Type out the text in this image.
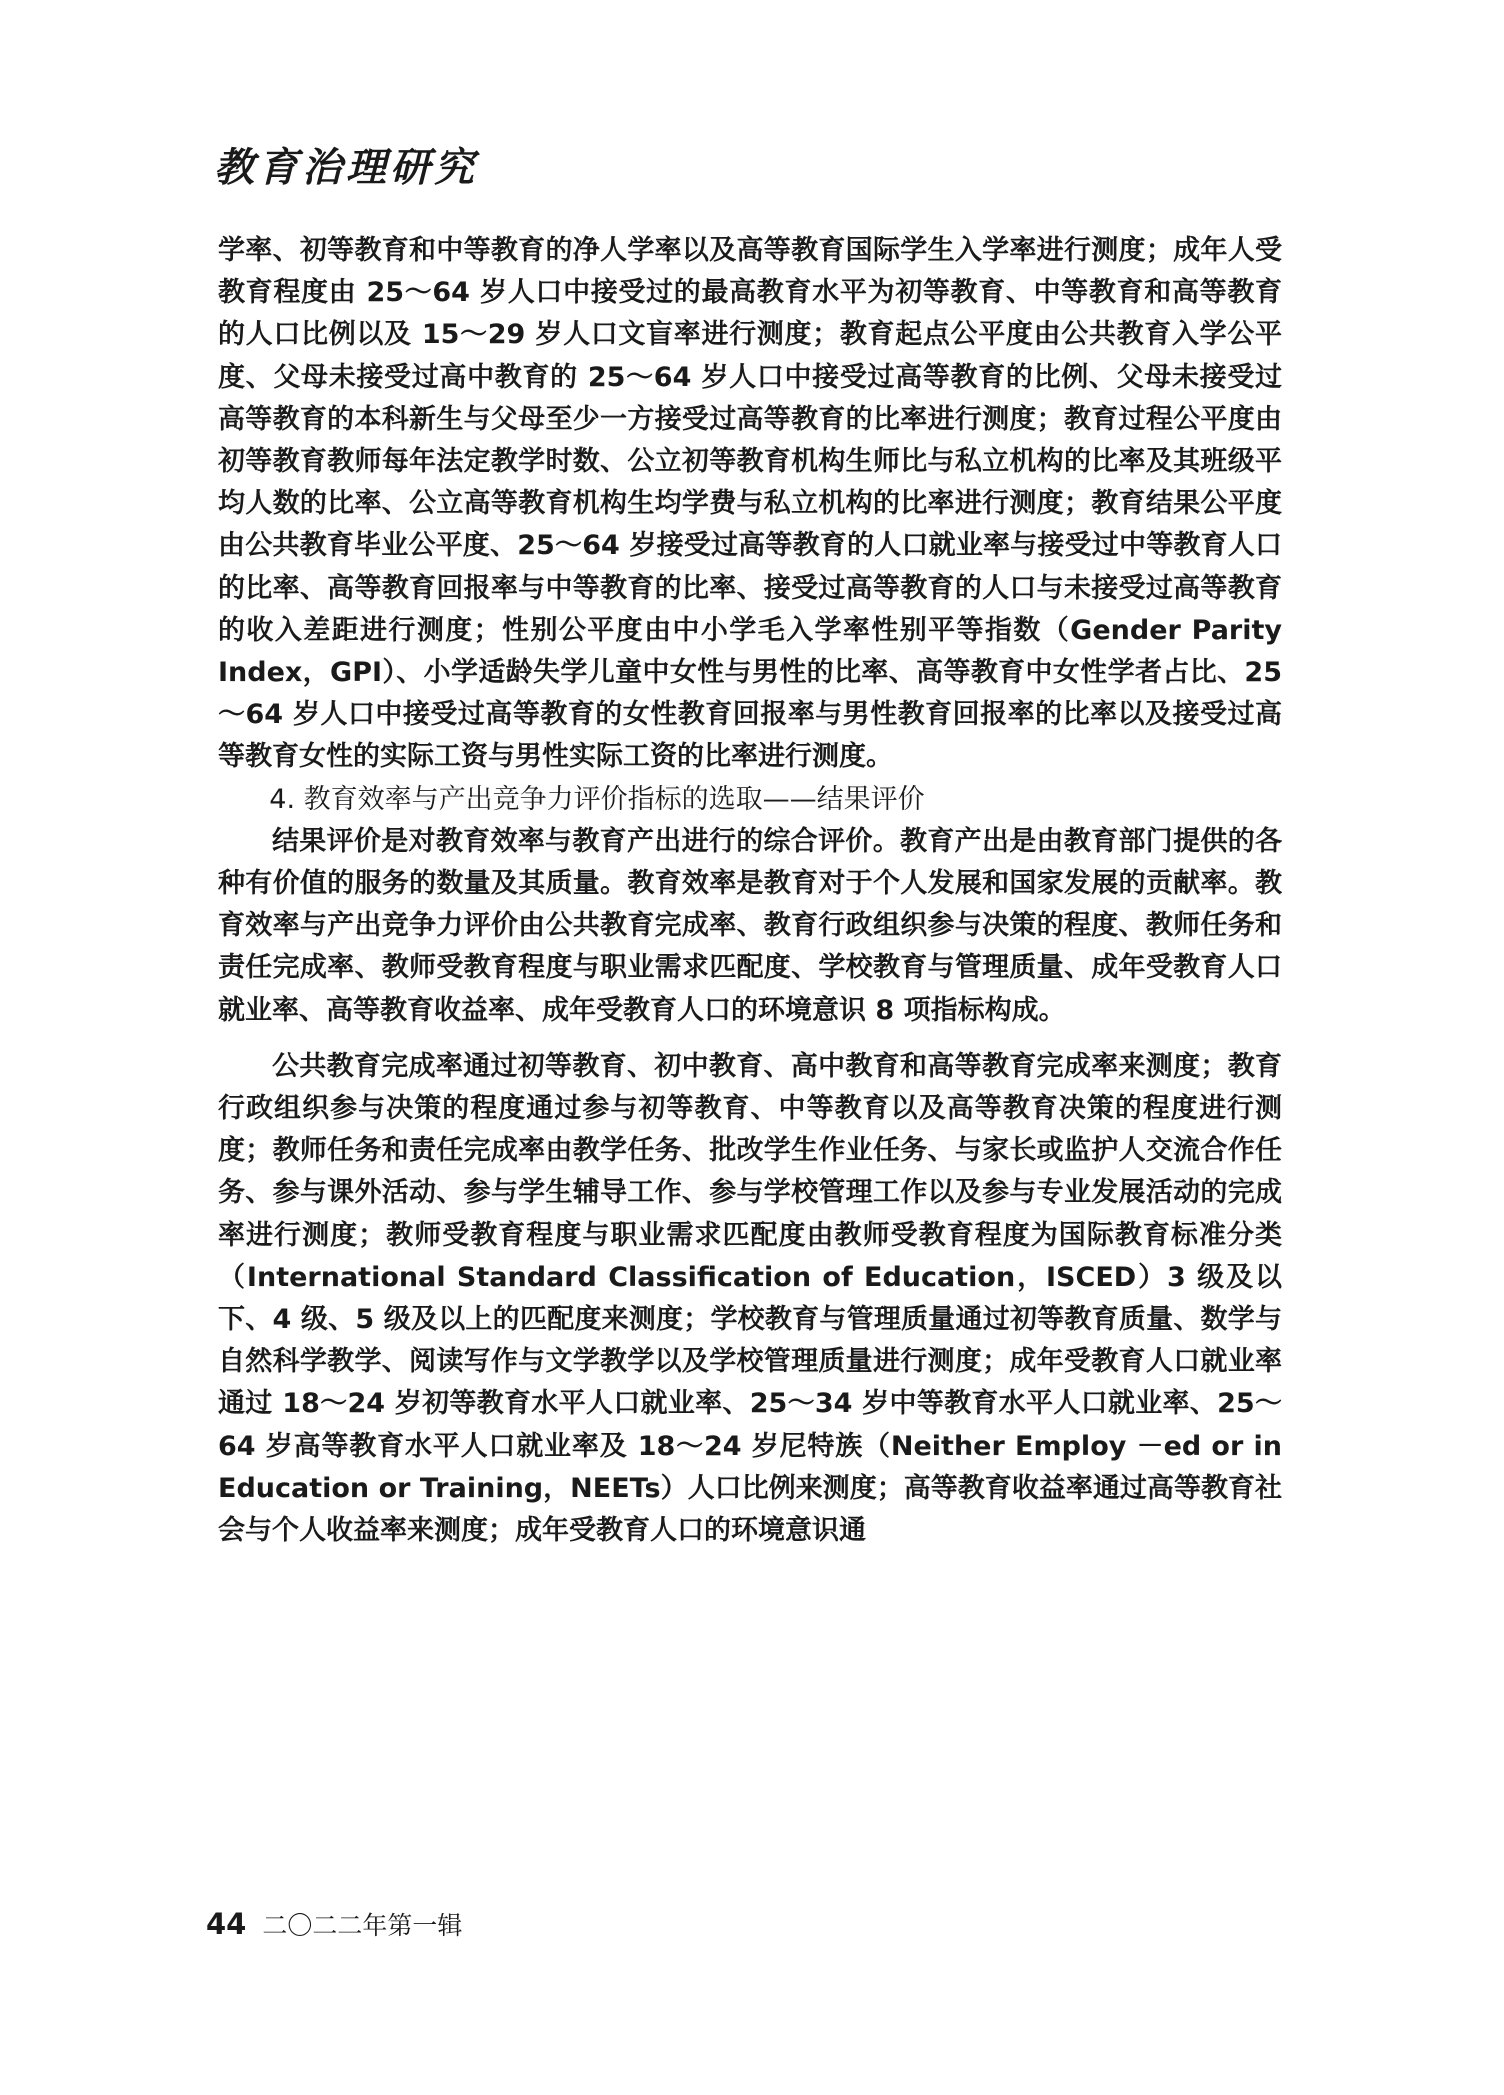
教育治理研究

学率、初等教育和中等教育的净人学率以及高等教育国际学生入学率进行测度；成年人受教育程度由 25～64 岁人口中接受过的最高教育水平为初等教育、中等教育和高等教育的人口比例以及 15～29 岁人口文盲率进行测度；教育起点公平度由公共教育入学公平度、父母未接受过高中教育的 25～64 岁人口中接受过高等教育的比例、父母未接受过高等教育的本科新生与父母至少一方接受过高等教育的比率进行测度；教育过程公平度由初等教育教师每年法定教学时数、公立初等教育机构生师比与私立机构的比率及其班级平均人数的比率、公立高等教育机构生均学费与私立机构的比率进行测度；教育结果公平度由公共教育毕业公平度、25～64 岁接受过高等教育的人口就业率与接受过中等教育人口的比率、高等教育回报率与中等教育的比率、接受过高等教育的人口与未接受过高等教育的收入差距进行测度；性别公平度由中小学毛入学率性别平等指数（Gender Parity Index，GPI）、小学适龄失学儿童中女性与男性的比率、高等教育中女性学者占比、25～64 岁人口中接受过高等教育的女性教育回报率与男性教育回报率的比率以及接受过高等教育女性的实际工资与男性实际工资的比率进行测度。

4. 教育效率与产出竞争力评价指标的选取——结果评价

结果评价是对教育效率与教育产出进行的综合评价。教育产出是由教育部门提供的各种有价值的服务的数量及其质量。教育效率是教育对于个人发展和国家发展的贡献率。教育效率与产出竞争力评价由公共教育完成率、教育行政组织参与决策的程度、教师任务和责任完成率、教师受教育程度与职业需求匹配度、学校教育与管理质量、成年受教育人口就业率、高等教育收益率、成年受教育人口的环境意识 8 项指标构成。

公共教育完成率通过初等教育、初中教育、高中教育和高等教育完成率来测度；教育行政组织参与决策的程度通过参与初等教育、中等教育以及高等教育决策的程度进行测度；教师任务和责任完成率由教学任务、批改学生作业任务、与家长或监护人交流合作任务、参与课外活动、参与学生辅导工作、参与学校管理工作以及参与专业发展活动的完成率进行测度；教师受教育程度与职业需求匹配度由教师受教育程度为国际教育标准分类（International Standard Classification of Education，ISCED）3 级及以下、4 级、5 级及以上的匹配度来测度；学校教育与管理质量通过初等教育质量、数学与自然科学教学、阅读写作与文学教学以及学校管理质量进行测度；成年受教育人口就业率通过 18～24 岁初等教育水平人口就业率、25～34 岁中等教育水平人口就业率、25～64 岁高等教育水平人口就业率及 18～24 岁尼特族（Neither Employ －ed or in Education or Training，NEETs）人口比例来测度；高等教育收益率通过高等教育社会与个人收益率来测度；成年受教育人口的环境意识通

44 二〇二二年第一辑
